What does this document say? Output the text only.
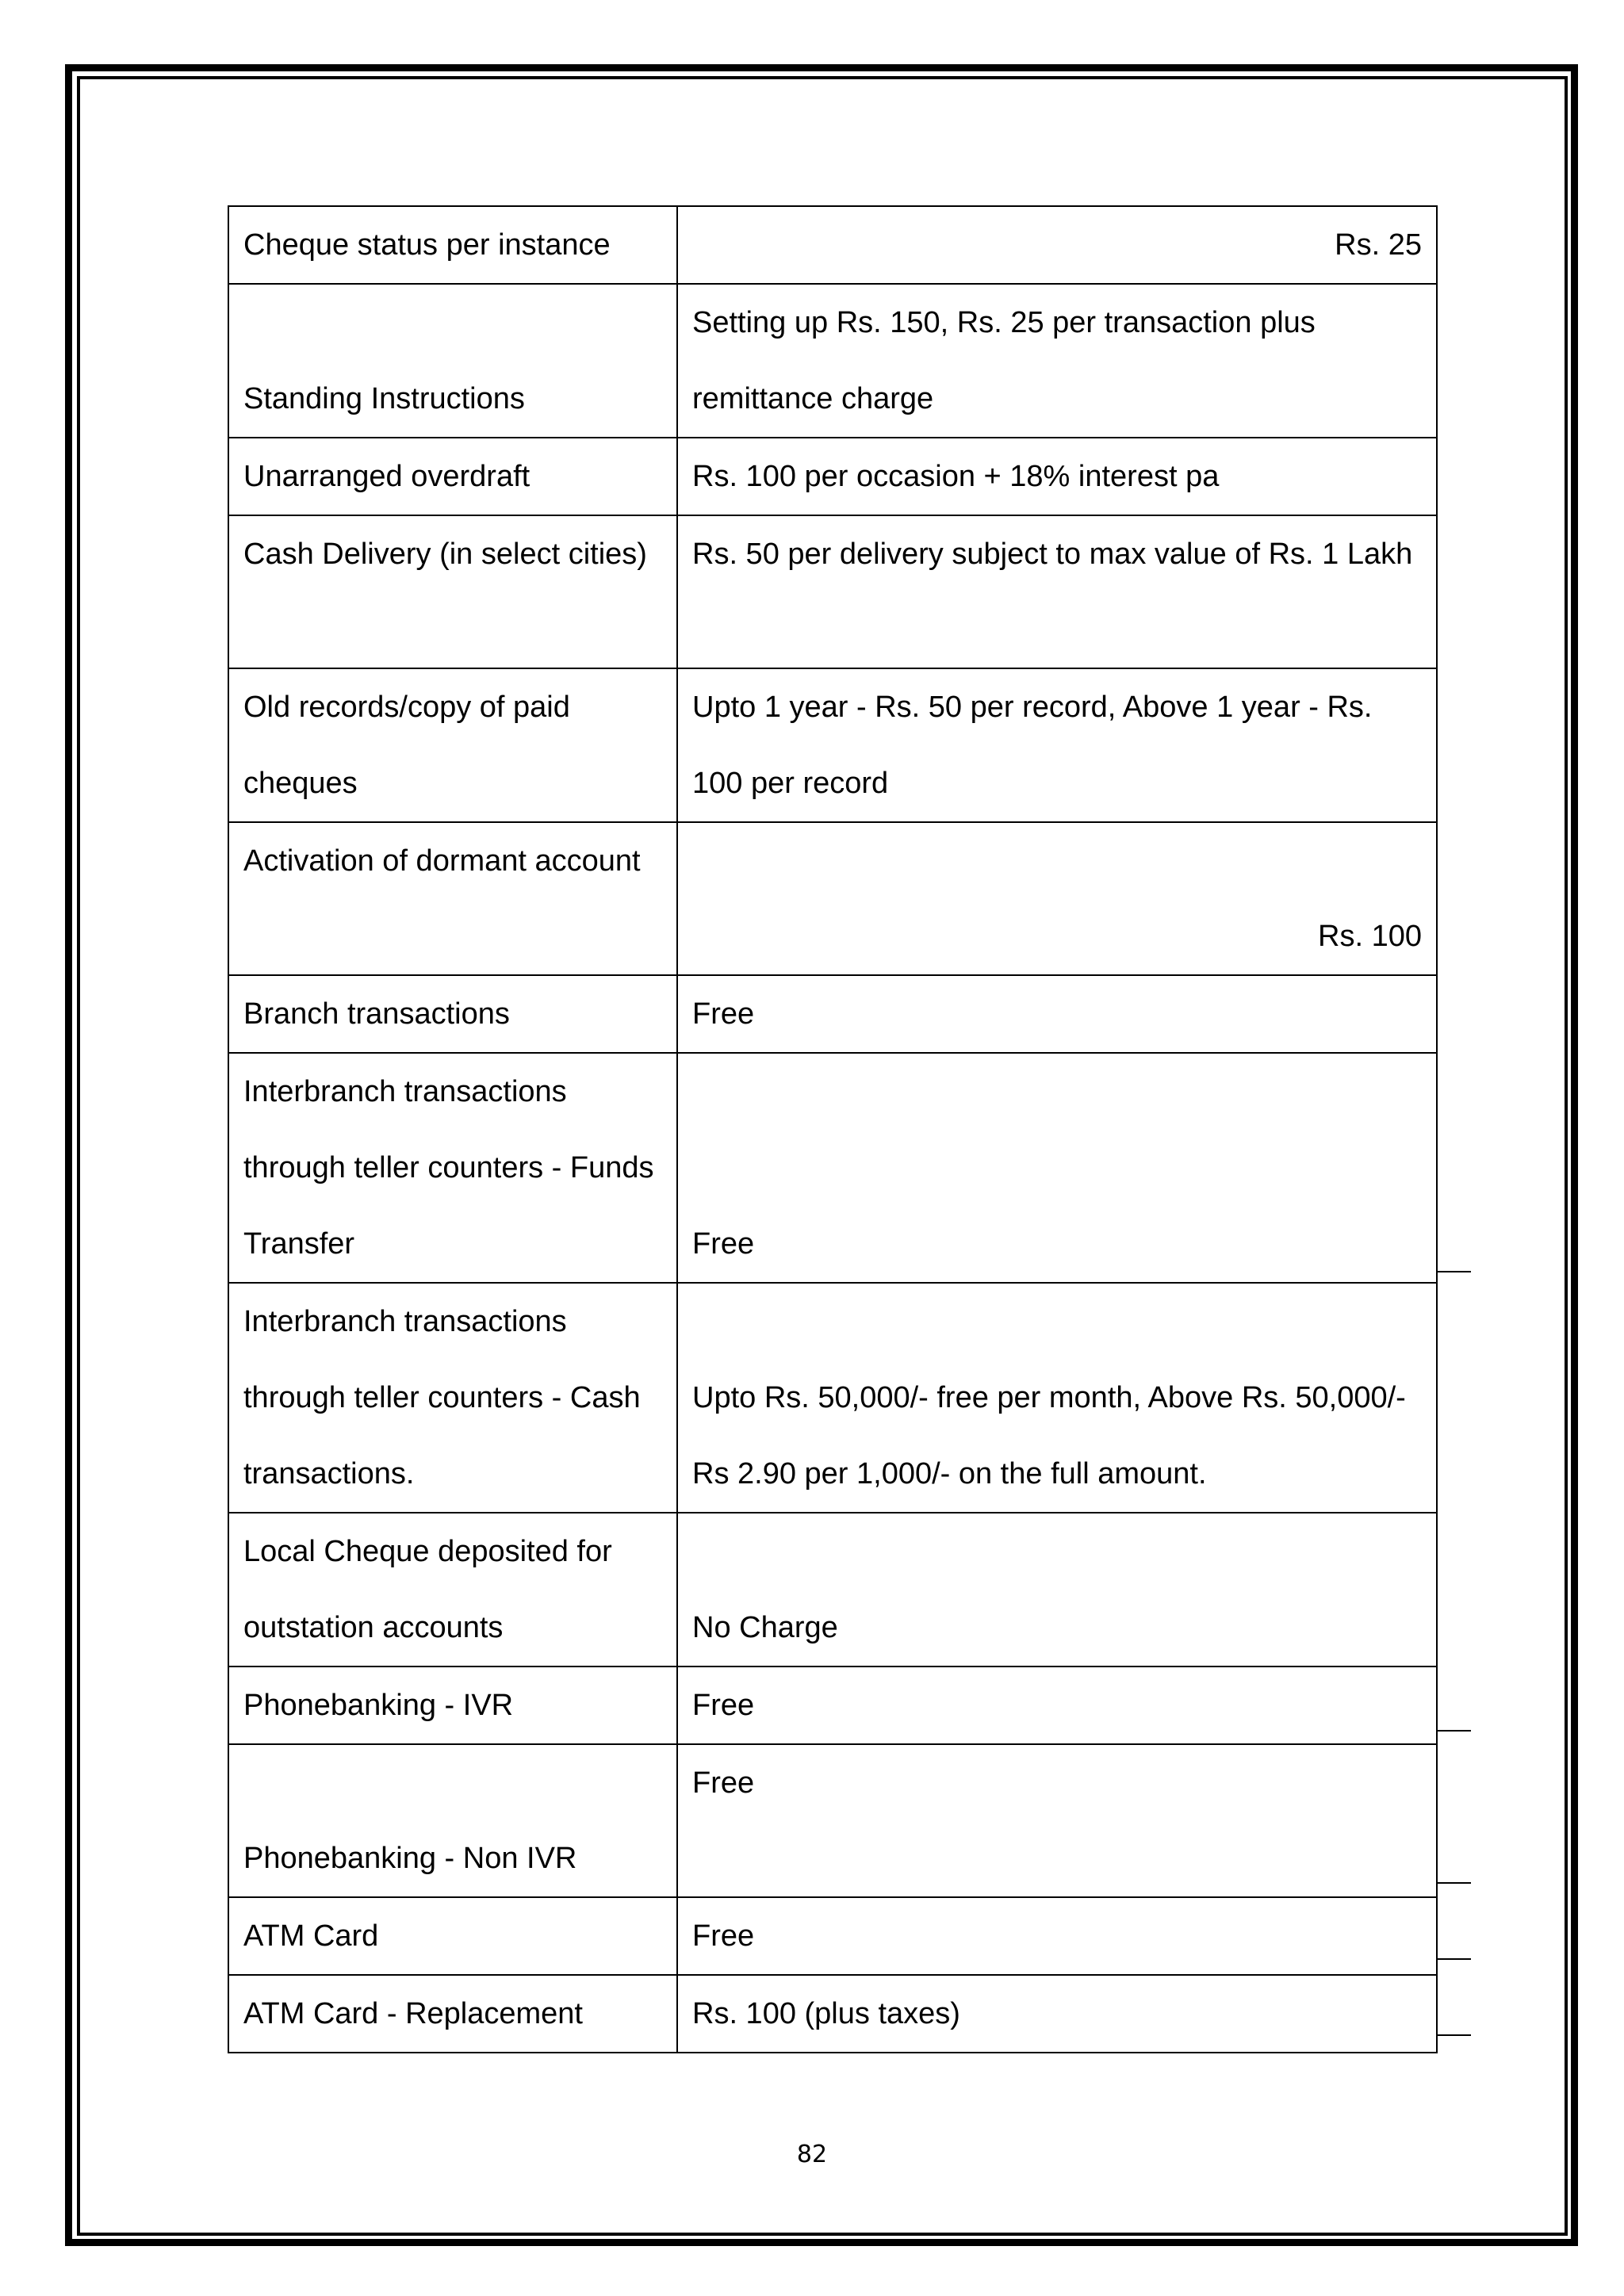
Cheque status per instance	Rs. 25

Standing Instructions	Setting up Rs. 150, Rs. 25 per transaction plus remittance charge

Unarranged overdraft	Rs. 100 per occasion + 18% interest pa

Cash Delivery (in select cities)	Rs. 50 per delivery subject to max value of Rs. 1 Lakh

Old records/copy of paid cheques	Upto 1 year - Rs. 50 per record, Above 1 year - Rs. 100 per record

Activation of dormant account	Rs. 100

Branch transactions	Free

Interbranch transactions through teller counters - Funds Transfer	Free

Interbranch transactions through teller counters - Cash transactions.	Upto Rs. 50,000/- free per month, Above Rs. 50,000/- Rs 2.90 per 1,000/- on the full amount.

Local Cheque deposited for outstation accounts	No Charge

Phonebanking - IVR	Free

Phonebanking - Non IVR	Free

ATM Card	Free

ATM Card - Replacement	Rs. 100 (plus taxes)
82
